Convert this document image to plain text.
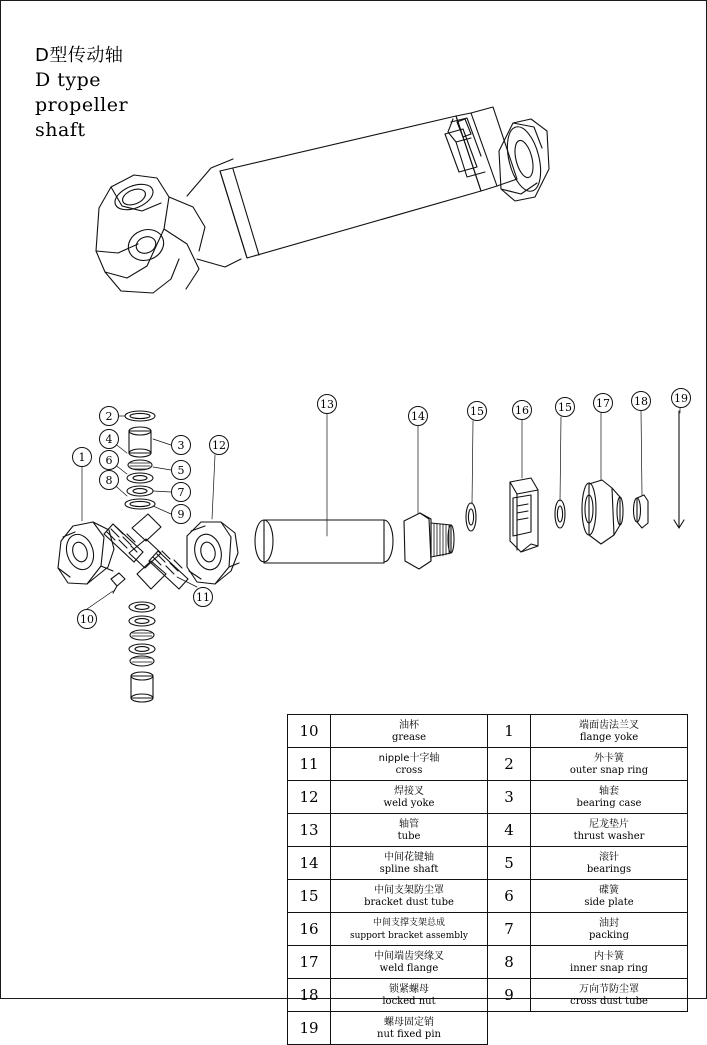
D型传动轴
D type
propeller
shaft
1
2
3
4
5
6
7
8
9
10
11
12
13
14	15	16	15 17 18 19
10	油杯
grease	1	端面齿法兰叉
flange yoke

11	nipple十字轴
cross	2	外卡簧
outer snap ring

12	焊接叉
weld yoke	3	轴套
bearing case

13	轴管
tube	4	尼龙垫片
thrust washer

14	中间花键轴
spline shaft	5	滚针
bearings

15	中间支架防尘罩
bracket dust tube	6	碟簧
side plate

16	中间支撑支架总成
support bracket assembly	7	油封
packing

17	中间端齿突缘叉
weld flange	8	内卡簧
inner snap ring

18	锁紧螺母
locked nut	9	万向节防尘罩
cross dust tube

19	螺母固定销
nut fixed pin		
